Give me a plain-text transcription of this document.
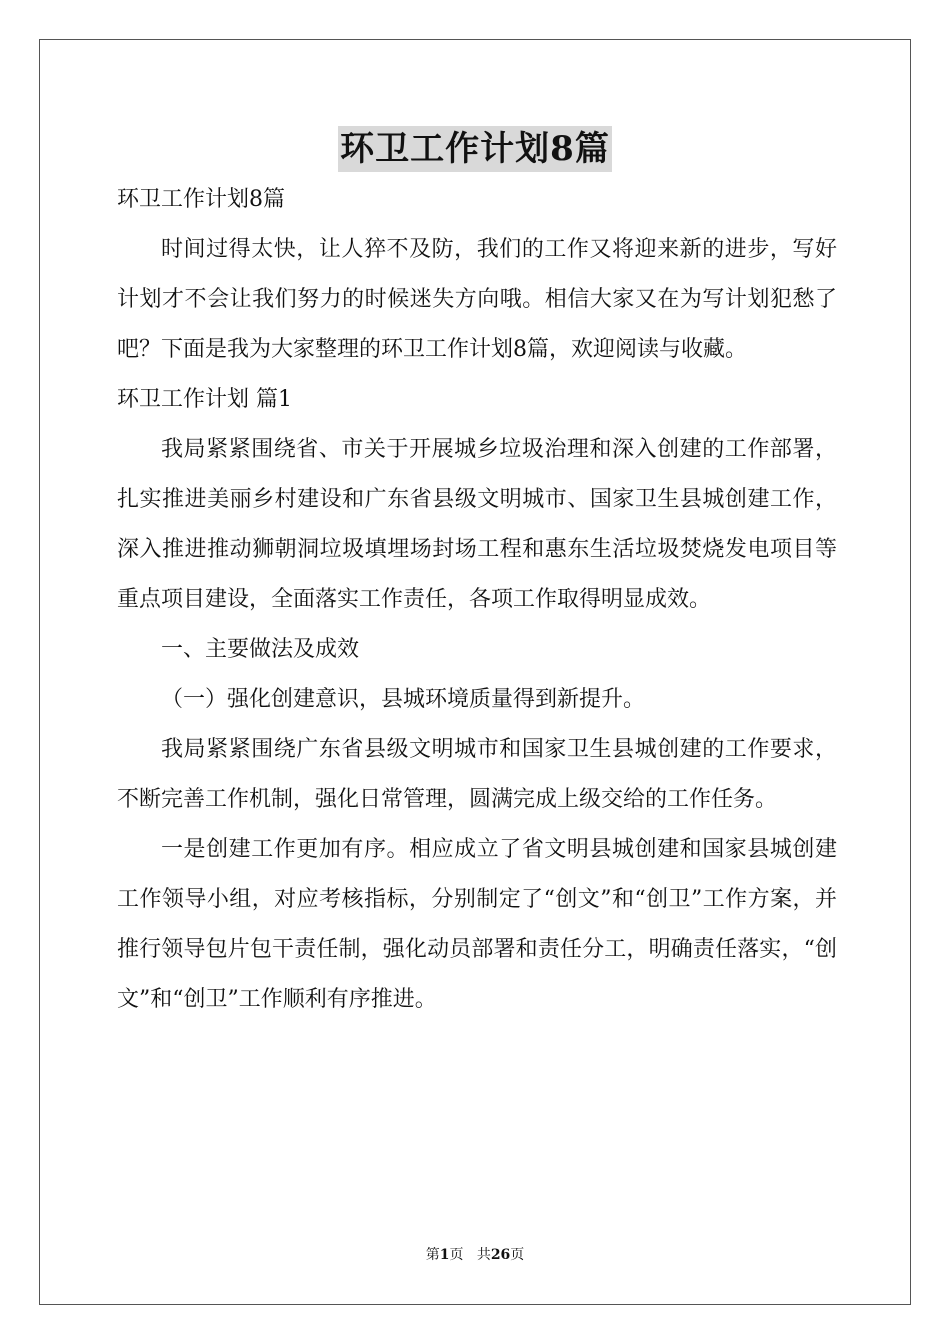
环卫工作计划8篇

环卫工作计划8篇

时间过得太快，让人猝不及防，我们的工作又将迎来新的进步，写好计划才不会让我们努力的时候迷失方向哦。相信大家又在为写计划犯愁了吧？下面是我为大家整理的环卫工作计划8篇，欢迎阅读与收藏。

环卫工作计划 篇1

我局紧紧围绕省、市关于开展城乡垃圾治理和深入创建的工作部署，扎实推进美丽乡村建设和广东省县级文明城市、国家卫生县城创建工作，深入推进推动狮朝洞垃圾填埋场封场工程和惠东生活垃圾焚烧发电项目等重点项目建设，全面落实工作责任，各项工作取得明显成效。

一、主要做法及成效

（一）强化创建意识，县城环境质量得到新提升。

我局紧紧围绕广东省县级文明城市和国家卫生县城创建的工作要求，不断完善工作机制，强化日常管理，圆满完成上级交给的工作任务。

一是创建工作更加有序。相应成立了省文明县城创建和国家县城创建工作领导小组，对应考核指标，分别制定了“创文”和“创卫”工作方案，并推行领导包片包干责任制，强化动员部署和责任分工，明确责任落实，“创文”和“创卫”工作顺利有序推进。

第1页 共26页
